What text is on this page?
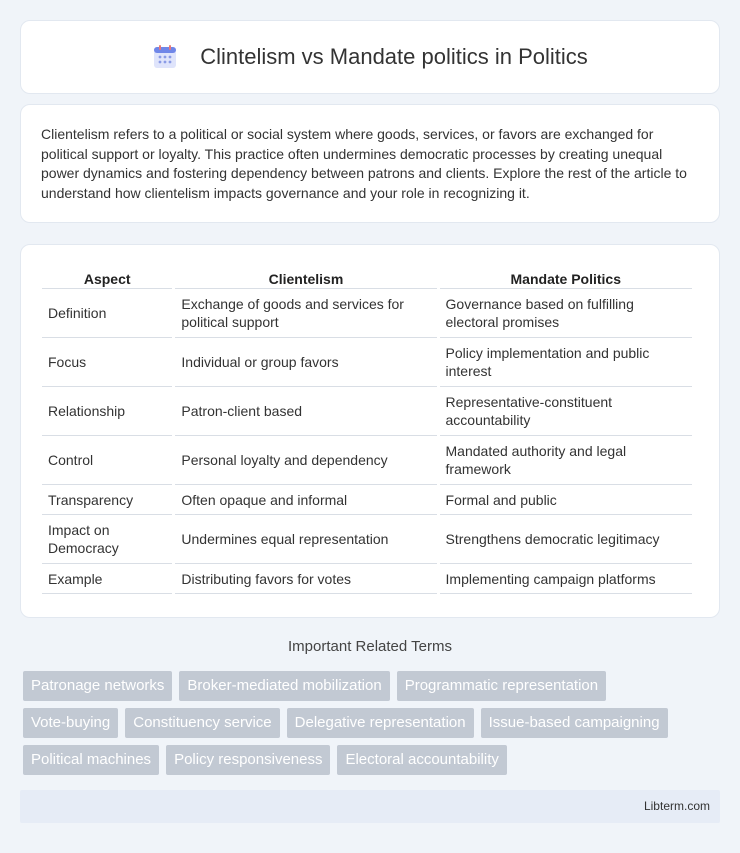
Clintelism vs Mandate politics in Politics

Clientelism refers to a political or social system where goods, services, or favors are exchanged for political support or loyalty. This practice often undermines democratic processes by creating unequal power dynamics and fostering dependency between patrons and clients. Explore the rest of the article to understand how clientelism impacts governance and your role in recognizing it.

Aspect	Clientelism	Mandate Politics
Definition	Exchange of goods and services for political support	Governance based on fulfilling electoral promises
Focus	Individual or group favors	Policy implementation and public interest
Relationship	Patron-client based	Representative-constituent accountability
Control	Personal loyalty and dependency	Mandated authority and legal framework
Transparency	Often opaque and informal	Formal and public
Impact on Democracy	Undermines equal representation	Strengthens democratic legitimacy
Example	Distributing favors for votes	Implementing campaign platforms
Important Related Terms
Patronage networks	Broker-mediated mobilization	Programmatic representation
Vote-buying	Constituency service	Delegative representation	Issue-based campaigning
Political machines	Policy responsiveness	Electoral accountability
Libterm.com
